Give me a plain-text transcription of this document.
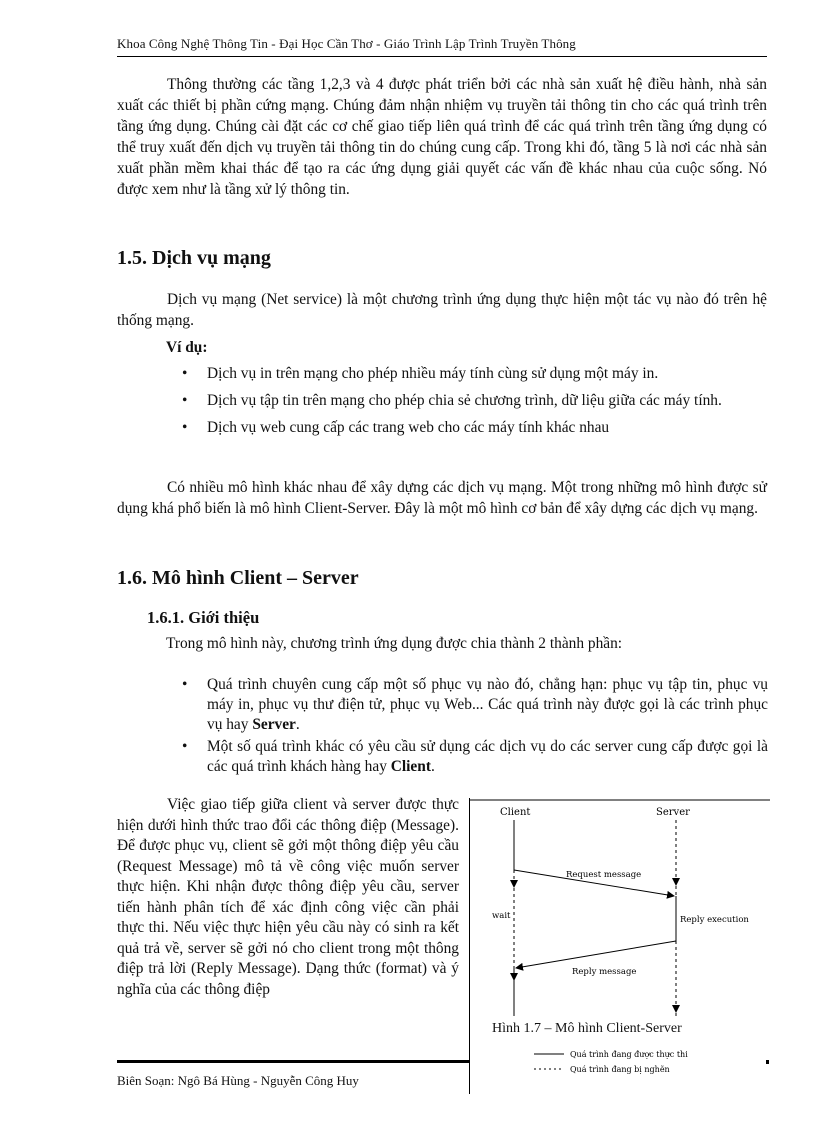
Khoa Công Nghệ Thông Tin - Đại Học Cần Thơ - Giáo Trình Lập Trình Truyền Thông

Thông thường các tầng 1,2,3 và 4 được phát triển bởi các nhà sản xuất hệ điều hành, nhà sản xuất các thiết bị phần cứng mạng. Chúng đảm nhận nhiệm vụ truyền tải thông tin cho các quá trình trên tầng ứng dụng. Chúng cài đặt các cơ chế giao tiếp liên quá trình để các quá trình trên tầng ứng dụng có thể truy xuất đến dịch vụ truyền tải thông tin do chúng cung cấp. Trong khi đó, tầng 5 là nơi các nhà sản xuất phần mềm khai thác để tạo ra các ứng dụng giải quyết các vấn đề khác nhau của cuộc sống. Nó được xem như là tầng xử lý thông tin.

1.5. Dịch vụ mạng

Dịch vụ mạng (Net service) là một chương trình ứng dụng thực hiện một tác vụ nào đó trên hệ thống mạng.

Ví dụ:

• Dịch vụ in trên mạng cho phép nhiều máy tính cùng sử dụng một máy in.
• Dịch vụ tập tin trên mạng cho phép chia sẻ chương trình, dữ liệu giữa các máy tính.
• Dịch vụ web cung cấp các trang web cho các máy tính khác nhau

Có nhiều mô hình khác nhau để xây dựng các dịch vụ mạng. Một trong những mô hình được sử dụng khá phổ biến là mô hình Client-Server. Đây là một mô hình cơ bản để xây dựng các dịch vụ mạng.

1.6. Mô hình Client – Server
1.6.1. Giới thiệu

Trong mô hình này, chương trình ứng dụng được chia thành 2 thành phần:

• Quá trình chuyên cung cấp một số phục vụ nào đó, chẳng hạn: phục vụ tập tin, phục vụ máy in, phục vụ thư điện tử, phục vụ Web... Các quá trình này được gọi là các trình phục vụ hay Server.
• Một số quá trình khác có yêu cầu sử dụng các dịch vụ do các server cung cấp được gọi là các quá trình khách hàng hay Client.

Việc giao tiếp giữa client và server được thực hiện dưới hình thức trao đổi các thông điệp (Message). Để được phục vụ, client sẽ gởi một thông điệp yêu cầu (Request Message) mô tả về công việc muốn server thực hiện. Khi nhận được thông điệp yêu cầu, server tiến hành phân tích để xác định công việc cần phải thực thi. Nếu việc thực hiện yêu cầu này có sinh ra kết quả trả về, server sẽ gởi nó cho client trong một thông điệp trả lời (Reply Message). Dạng thức (format) và ý nghĩa của các thông điệp

Client	Server
Request message
Reply execution
wait
Reply message
Hình 1.7 – Mô hình Client-Server
Quá trình đang được thực thi
Quá trình đang bị nghẽn
Biên Soạn: Ngô Bá Hùng - Nguyễn Công Huy
